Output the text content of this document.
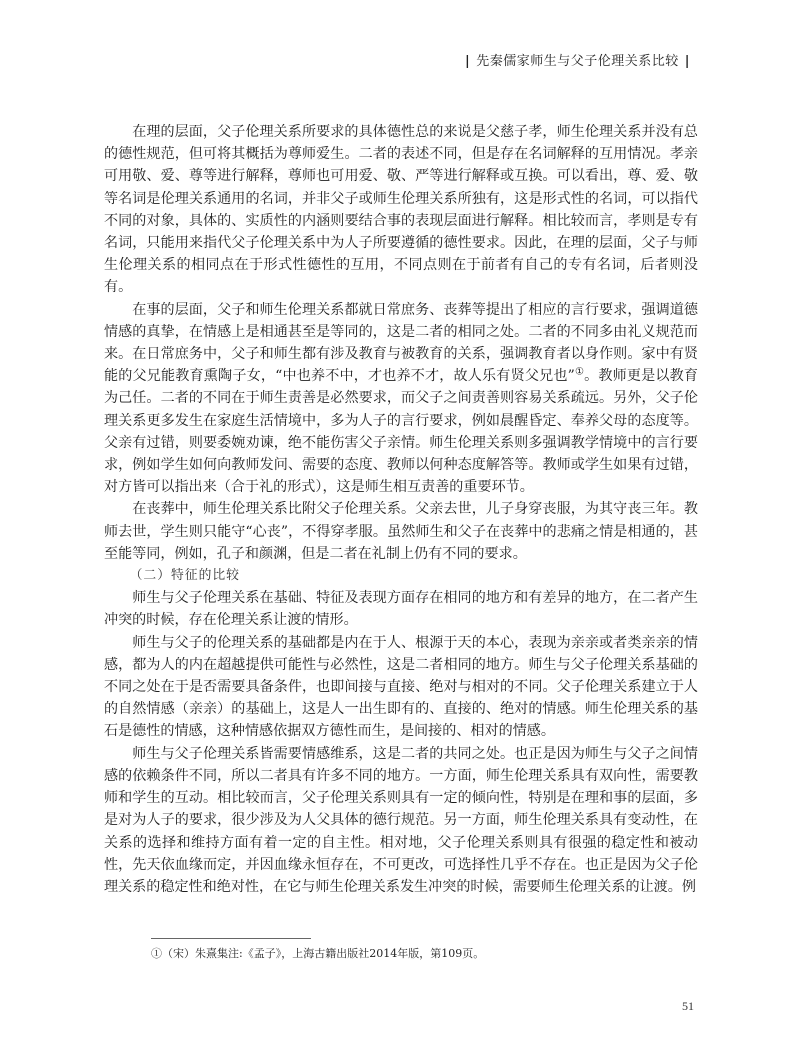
| 先秦儒家师生与父子伦理关系比较 |

在理的层面，父子伦理关系所要求的具体德性总的来说是父慈子孝，师生伦理关系并没有总的德性规范，但可将其概括为尊师爱生。二者的表述不同，但是存在名词解释的互用情况。孝亲可用敬、爱、尊等进行解释，尊师也可用爱、敬、严等进行解释或互换。可以看出，尊、爱、敬等名词是伦理关系通用的名词，并非父子或师生伦理关系所独有，这是形式性的名词，可以指代不同的对象，具体的、实质性的内涵则要结合事的表现层面进行解释。相比较而言，孝则是专有名词，只能用来指代父子伦理关系中为人子所要遵循的德性要求。因此，在理的层面，父子与师生伦理关系的相同点在于形式性德性的互用，不同点则在于前者有自己的专有名词，后者则没有。

在事的层面，父子和师生伦理关系都就日常庶务、丧葬等提出了相应的言行要求，强调道德情感的真挚，在情感上是相通甚至是等同的，这是二者的相同之处。二者的不同多由礼义规范而来。在日常庶务中，父子和师生都有涉及教育与被教育的关系，强调教育者以身作则。家中有贤能的父兄能教育熏陶子女，“中也养不中，才也养不才，故人乐有贤父兄也”①。教师更是以教育为己任。二者的不同在于师生责善是必然要求，而父子之间责善则容易关系疏远。另外，父子伦理关系更多发生在家庭生活情境中，多为人子的言行要求，例如晨醒昏定、奉养父母的态度等。父亲有过错，则要委婉劝谏，绝不能伤害父子亲情。师生伦理关系则多强调教学情境中的言行要求，例如学生如何向教师发问、需要的态度、教师以何种态度解答等。教师或学生如果有过错，对方皆可以指出来（合于礼的形式），这是师生相互责善的重要环节。

在丧葬中，师生伦理关系比附父子伦理关系。父亲去世，儿子身穿丧服，为其守丧三年。教师去世，学生则只能守“心丧”，不得穿孝服。虽然师生和父子在丧葬中的悲痛之情是相通的，甚至能等同，例如，孔子和颜渊，但是二者在礼制上仍有不同的要求。

（二）特征的比较

师生与父子伦理关系在基础、特征及表现方面存在相同的地方和有差异的地方，在二者产生冲突的时候，存在伦理关系让渡的情形。

师生与父子的伦理关系的基础都是内在于人、根源于天的本心，表现为亲亲或者类亲亲的情感，都为人的内在超越提供可能性与必然性，这是二者相同的地方。师生与父子伦理关系基础的不同之处在于是否需要具备条件，也即间接与直接、绝对与相对的不同。父子伦理关系建立于人的自然情感（亲亲）的基础上，这是人一出生即有的、直接的、绝对的情感。师生伦理关系的基石是德性的情感，这种情感依据双方德性而生，是间接的、相对的情感。

师生与父子伦理关系皆需要情感维系，这是二者的共同之处。也正是因为师生与父子之间情感的依赖条件不同，所以二者具有许多不同的地方。一方面，师生伦理关系具有双向性，需要教师和学生的互动。相比较而言，父子伦理关系则具有一定的倾向性，特别是在理和事的层面，多是对为人子的要求，很少涉及为人父具体的德行规范。另一方面，师生伦理关系具有变动性，在关系的选择和维持方面有着一定的自主性。相对地，父子伦理关系则具有很强的稳定性和被动性，先天依血缘而定，并因血缘永恒存在，不可更改，可选择性几乎不存在。也正是因为父子伦理关系的稳定性和绝对性，在它与师生伦理关系发生冲突的时候，需要师生伦理关系的让渡。例

①（宋）朱熹集注:《孟子》，上海古籍出版社2014年版，第109页。
51
